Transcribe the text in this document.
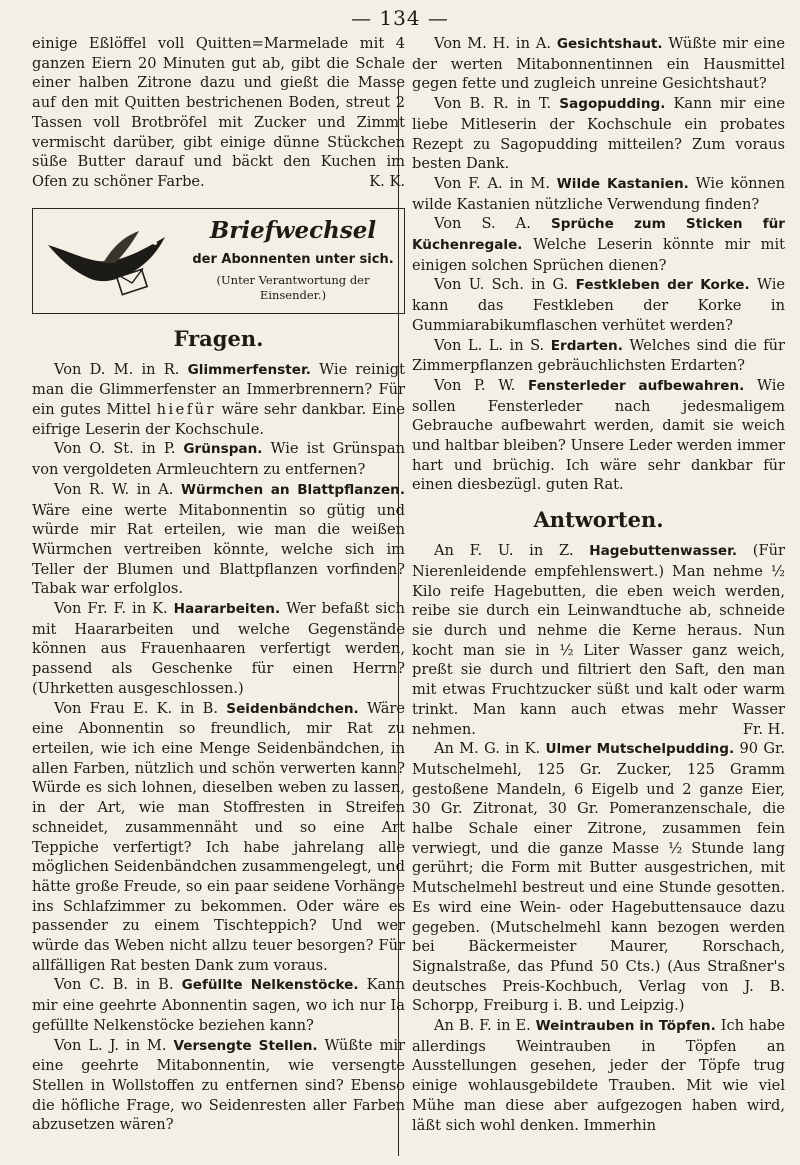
— 134 —

einige Eßlöffel voll Quitten=Marmelade mit 4 ganzen Eiern 20 Minuten gut ab, gibt die Schale einer halben Zitrone dazu und gießt die Masse auf den mit Quitten bestrichenen Boden, streut 2 Tassen voll Brotbröfel mit Zucker und Zimmt vermischt darüber, gibt einige dünne Stückchen süße Butter darauf und bäckt den Kuchen im Ofen zu schöner Farbe.	K. K.

Briefwechsel
der Abonnenten unter sich.
(Unter Verantwortung der Einsender.)
Fragen.

Von D. M. in R. Glimmerfenster. Wie reinigt man die Glimmerfenster an Immerbrennern? Für ein gutes Mittel hiefür wäre sehr dankbar. Eine eifrige Leserin der Kochschule.

Von O. St. in P. Grünspan. Wie ist Grünspan von vergoldeten Armleuchtern zu entfernen?

Von R. W. in A. Würmchen an Blattpflanzen. Wäre eine werte Mitabonnentin so gütig und würde mir Rat erteilen, wie man die weißen Würmchen vertreiben könnte, welche sich im Teller der Blumen und Blattpflanzen vorfinden? Tabak war erfolglos.

Von Fr. F. in K. Haararbeiten. Wer befaßt sich mit Haararbeiten und welche Gegenstände können aus Frauenhaaren verfertigt werden, passend als Geschenke für einen Herrn? (Uhrketten ausgeschlossen.)

Von Frau E. K. in B. Seidenbändchen. Wäre eine Abonnentin so freundlich, mir Rat zu erteilen, wie ich eine Menge Seidenbändchen, in allen Farben, nützlich und schön verwerten kann? Würde es sich lohnen, dieselben weben zu lassen, in der Art, wie man Stoffresten in Streifen schneidet, zusammennäht und so eine Art Teppiche verfertigt? Ich habe jahrelang alle möglichen Seidenbändchen zusammengelegt, und hätte große Freude, so ein paar seidene Vorhänge ins Schlafzimmer zu bekommen. Oder wäre es passender zu einem Tischteppich? Und wer würde das Weben nicht allzu teuer besorgen? Für allfälligen Rat besten Dank zum voraus.

Von C. B. in B. Gefüllte Nelkenstöcke. Kann mir eine geehrte Abonnentin sagen, wo ich nur Ia gefüllte Nelkenstöcke beziehen kann?

Von L. J. in M. Versengte Stellen. Wüßte mir eine geehrte Mitabonnentin, wie versengte Stellen in Wollstoffen zu entfernen sind? Ebenso die höfliche Frage, wo Seidenresten aller Farben abzusetzen wären?

Von M. H. in A. Gesichtshaut. Wüßte mir eine der werten Mitabonnentinnen ein Hausmittel gegen fette und zugleich unreine Gesichtshaut?

Von B. R. in T. Sagopudding. Kann mir eine liebe Mitleserin der Kochschule ein probates Rezept zu Sagopudding mitteilen? Zum voraus besten Dank.

Von F. A. in M. Wilde Kastanien. Wie können wilde Kastanien nützliche Verwendung finden?

Von S. A. Sprüche zum Sticken für Küchenregale. Welche Leserin könnte mir mit einigen solchen Sprüchen dienen?

Von U. Sch. in G. Festkleben der Korke. Wie kann das Festkleben der Korke in Gummiarabikumflaschen verhütet werden?

Von L. L. in S. Erdarten. Welches sind die für Zimmerpflanzen gebräuchlichsten Erdarten?

Von P. W. Fensterleder aufbewahren. Wie sollen Fensterleder nach jedesmaligem Gebrauche aufbewahrt werden, damit sie weich und haltbar bleiben? Unsere Leder werden immer hart und brüchig. Ich wäre sehr dankbar für einen diesbezügl. guten Rat.

Antworten.

An F. U. in Z. Hagebuttenwasser. (Für Nierenleidende empfehlenswert.) Man nehme ½ Kilo reife Hagebutten, die eben weich werden, reibe sie durch ein Leinwandtuche ab, schneide sie durch und nehme die Kerne heraus. Nun kocht man sie in ½ Liter Wasser ganz weich, preßt sie durch und filtriert den Saft, den man mit etwas Fruchtzucker süßt und kalt oder warm trinkt. Man kann auch etwas mehr Wasser nehmen.	Fr. H.

An M. G. in K. Ulmer Mutschelpudding. 90 Gr. Mutschelmehl, 125 Gr. Zucker, 125 Gramm gestoßene Mandeln, 6 Eigelb und 2 ganze Eier, 30 Gr. Zitronat, 30 Gr. Pomeranzenschale, die halbe Schale einer Zitrone, zusammen fein verwiegt, und die ganze Masse ½ Stunde lang gerührt; die Form mit Butter ausgestrichen, mit Mutschelmehl bestreut und eine Stunde gesotten. Es wird eine Wein- oder Hagebuttensauce dazu gegeben. (Mutschelmehl kann bezogen werden bei Bäckermeister Maurer, Rorschach, Signalstraße, das Pfund 50 Cts.) (Aus Straßner's deutsches Preis-Kochbuch, Verlag von J. B. Schorpp, Freiburg i. B. und Leipzig.)

An B. F. in E. Weintrauben in Töpfen. Ich habe allerdings Weintrauben in Töpfen an Ausstellungen gesehen, jeder der Töpfe trug einige wohlausgebildete Trauben. Mit wie viel Mühe man diese aber aufgezogen haben wird, läßt sich wohl denken. Immerhin
